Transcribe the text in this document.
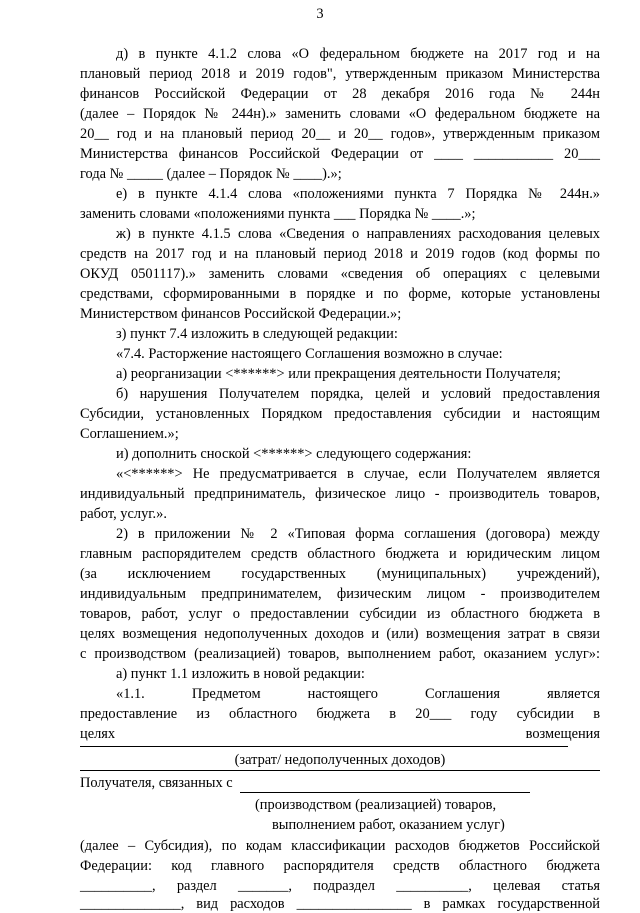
3
д) в пункте 4.1.2 слова «О федеральном бюджете на 2017 год и на
плановый период 2018 и 2019 годов", утвержденным приказом Министерства
финансов Российской Федерации от 28 декабря 2016 года № 244н
(далее – Порядок № 244н).» заменить словами «О федеральном бюджете на
20__ год и на плановый период 20__ и 20__ годов», утвержденным приказом
Министерства финансов Российской Федерации от ____ ___________ 20___
года № _____ (далее – Порядок № ____).»;
е) в пункте 4.1.4 слова «положениями пункта 7 Порядка № 244н.»
заменить словами «положениями пункта ___ Порядка № ____.»;
ж) в пункте 4.1.5 слова «Сведения о направлениях расходования целевых
средств на 2017 год и на плановый период 2018 и 2019 годов (код формы по
ОКУД 0501117).» заменить словами «сведения об операциях с целевыми
средствами, сформированными в порядке и по форме, которые установлены
Министерством финансов Российской Федерации.»;
з) пункт 7.4 изложить в следующей редакции:
«7.4. Расторжение настоящего Соглашения возможно в случае:
а) реорганизации <******> или прекращения деятельности Получателя;
б) нарушения Получателем порядка, целей и условий предоставления
Субсидии, установленных Порядком предоставления субсидии и настоящим
Соглашением.»;
и) дополнить сноской <******> следующего содержания:
«<******> Не предусматривается в случае, если Получателем является
индивидуальный предприниматель, физическое лицо - производитель товаров,
работ, услуг.».
2) в приложении № 2 «Типовая форма соглашения (договора) между
главным распорядителем средств областного бюджета и юридическим лицом
(за исключением государственных (муниципальных) учреждений),
индивидуальным предпринимателем, физическим лицом - производителем
товаров, работ, услуг о предоставлении субсидии из областного бюджета в
целях возмещения недополученных доходов и (или) возмещения затрат в связи
с производством (реализацией) товаров, выполнением работ, оказанием услуг»:
а) пункт 1.1 изложить в новой редакции:
«1.1. Предметом настоящего Соглашения является
предоставление из областного бюджета в 20___ году субсидии в
целях возмещения
(затрат/ недополученных доходов)
Получателя, связанных с
(производством (реализацией) товаров,
выполнением работ, оказанием услуг)
(далее – Субсидия), по кодам классификации расходов бюджетов Российской
Федерации: код главного распорядителя средств областного бюджета
__________, раздел _______, подраздел __________, целевая статья
______________, вид расходов ________________ в рамках государственной
